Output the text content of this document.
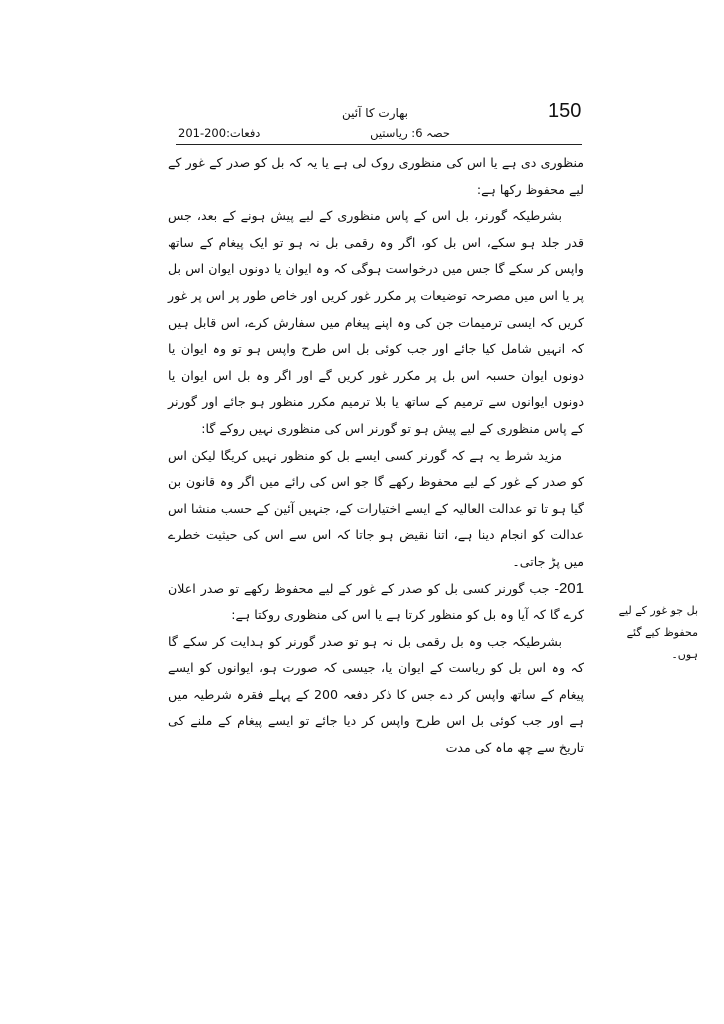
150
بھارت کا آئین
حصہ 6: ریاستیں
دفعات:200-201

منظوری دی ہے یا اس کی منظوری روک لی ہے یا یہ کہ بل کو صدر کے غور کے لیے محفوظ رکھا ہے:

بشرطیکہ گورنر، بل اس کے پاس منظوری کے لیے پیش ہونے کے بعد، جس قدر جلد ہو سکے، اس بل کو، اگر وہ رقمی بل نہ ہو تو ایک پیغام کے ساتھ واپس کر سکے گا جس میں درخواست ہوگی کہ وہ ایوان یا دونوں ایوان اس بل پر یا اس میں مصرحہ توضیعات پر مکرر غور کریں اور خاص طور پر اس پر غور کریں کہ ایسی ترمیمات جن کی وہ اپنے پیغام میں سفارش کرے، اس قابل ہیں کہ انہیں شامل کیا جائے اور جب کوئی بل اس طرح واپس ہو تو وہ ایوان یا دونوں ایوان حسبہ اس بل پر مکرر غور کریں گے اور اگر وہ بل اس ایوان یا دونوں ایوانوں سے ترمیم کے ساتھ یا بلا ترمیم مکرر منظور ہو جائے اور گورنر کے پاس منظوری کے لیے پیش ہو تو گورنر اس کی منظوری نہیں روکے گا:

مزید شرط یہ ہے کہ گورنر کسی ایسے بل کو منظور نہیں کریگا لیکن اس کو صدر کے غور کے لیے محفوظ رکھے گا جو اس کی رائے میں اگر وہ قانون بن گیا ہو تا تو عدالت العالیہ کے ایسے اختیارات کے، جنہیں آئین کے حسب منشا اس عدالت کو انجام دینا ہے، اتنا نقیض ہو جاتا کہ اس سے اس کی حیثیت خطرے میں پڑ جاتی۔

201- جب گورنر کسی بل کو صدر کے غور کے لیے محفوظ رکھے تو صدر اعلان کرے گا کہ آیا وہ بل کو منظور کرتا ہے یا اس کی منظوری روکتا ہے:

بشرطیکہ جب وہ بل رقمی بل نہ ہو تو صدر گورنر کو ہدایت کر سکے گا کہ وہ اس بل کو ریاست کے ایوان یا، جیسی کہ صورت ہو، ایوانوں کو ایسے پیغام کے ساتھ واپس کر دے جس کا ذکر دفعہ 200 کے پہلے فقرہ شرطیہ میں ہے اور جب کوئی بل اس طرح واپس کر دیا جائے تو ایسے پیغام کے ملنے کی تاریخ سے چھ ماہ کی مدت

بل جو غور کے لیے محفوظ کیے گئے ہوں۔
